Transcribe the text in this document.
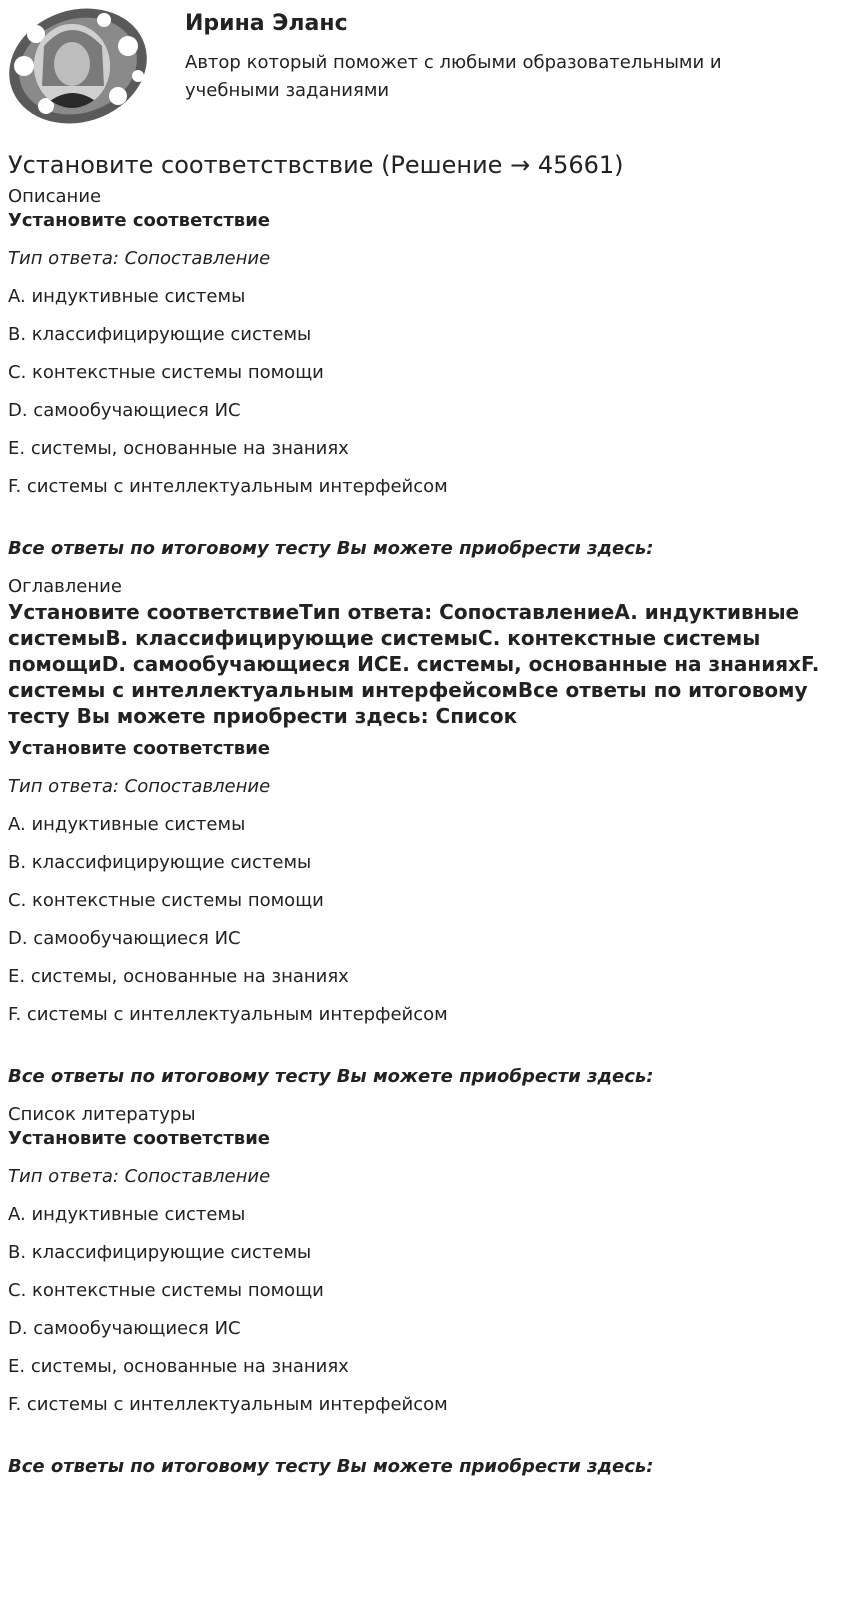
Ирина Эланс
Автор который поможет с любыми образовательными и учебными заданиями
Установите соответствствие (Решение → 45661)
Описание
Установите соответствие
Тип ответа: Сопоставление
A. индуктивные системы
B. классифицирующие системы
C. контекстные системы помощи
D. самообучающиеся ИС
E. системы, основанные на знаниях
F. системы с интеллектуальным интерфейсом
Все ответы по итоговому тесту Вы можете приобрести здесь:
Оглавление
Установите соответствиеТип ответа: СопоставлениеA. индуктивные системыB. классифицирующие системыC. контекстные системы помощиD. самообучающиеся ИСE. системы, основанные на знанияхF. системы с интеллектуальным интерфейсомВсе ответы по итоговому тесту Вы можете приобрести здесь: Список
Установите соответствие
Тип ответа: Сопоставление
A. индуктивные системы
B. классифицирующие системы
C. контекстные системы помощи
D. самообучающиеся ИС
E. системы, основанные на знаниях
F. системы с интеллектуальным интерфейсом
Все ответы по итоговому тесту Вы можете приобрести здесь:
Список литературы
Установите соответствие
Тип ответа: Сопоставление
A. индуктивные системы
B. классифицирующие системы
C. контекстные системы помощи
D. самообучающиеся ИС
E. системы, основанные на знаниях
F. системы с интеллектуальным интерфейсом
Все ответы по итоговому тесту Вы можете приобрести здесь:
